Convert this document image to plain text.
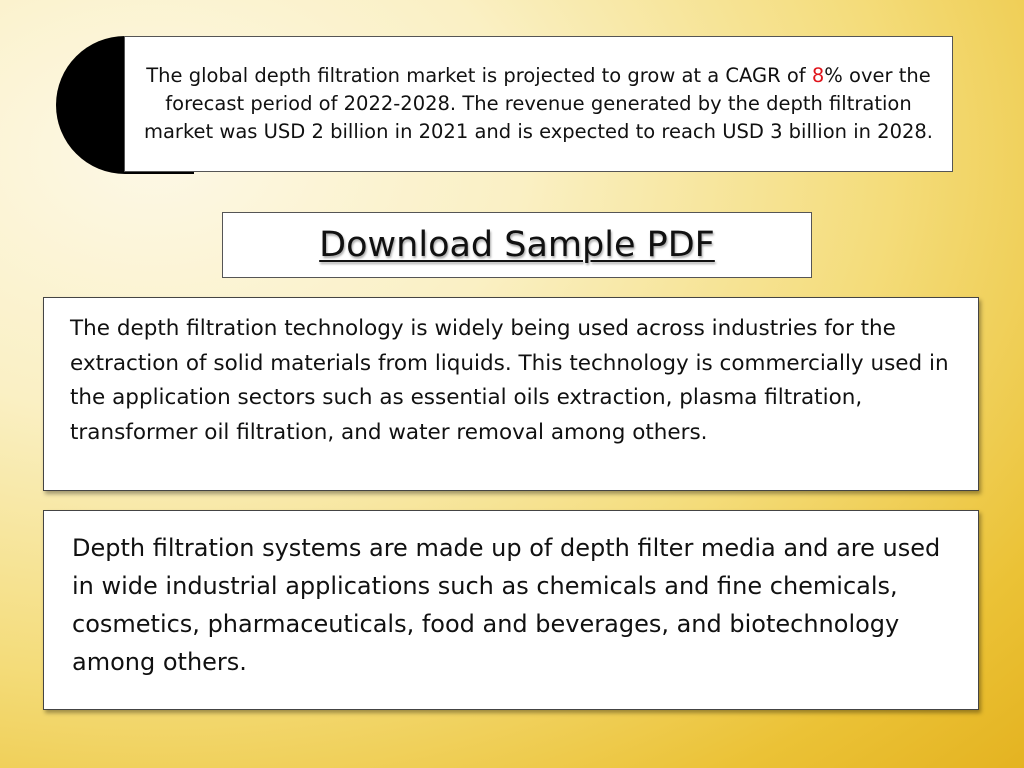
The global depth filtration market is projected to grow at a CAGR of 8% over the forecast period of 2022-2028. The revenue generated by the depth filtration market was USD 2 billion in 2021 and is expected to reach USD 3 billion in 2028.

Download Sample PDF

The depth filtration technology is widely being used across industries for the extraction of solid materials from liquids. This technology is commercially used in the application sectors such as essential oils extraction, plasma filtration, transformer oil filtration, and water removal among others.

Depth filtration systems are made up of depth filter media and are used in wide industrial applications such as chemicals and fine chemicals, cosmetics, pharmaceuticals, food and beverages, and biotechnology among others.
